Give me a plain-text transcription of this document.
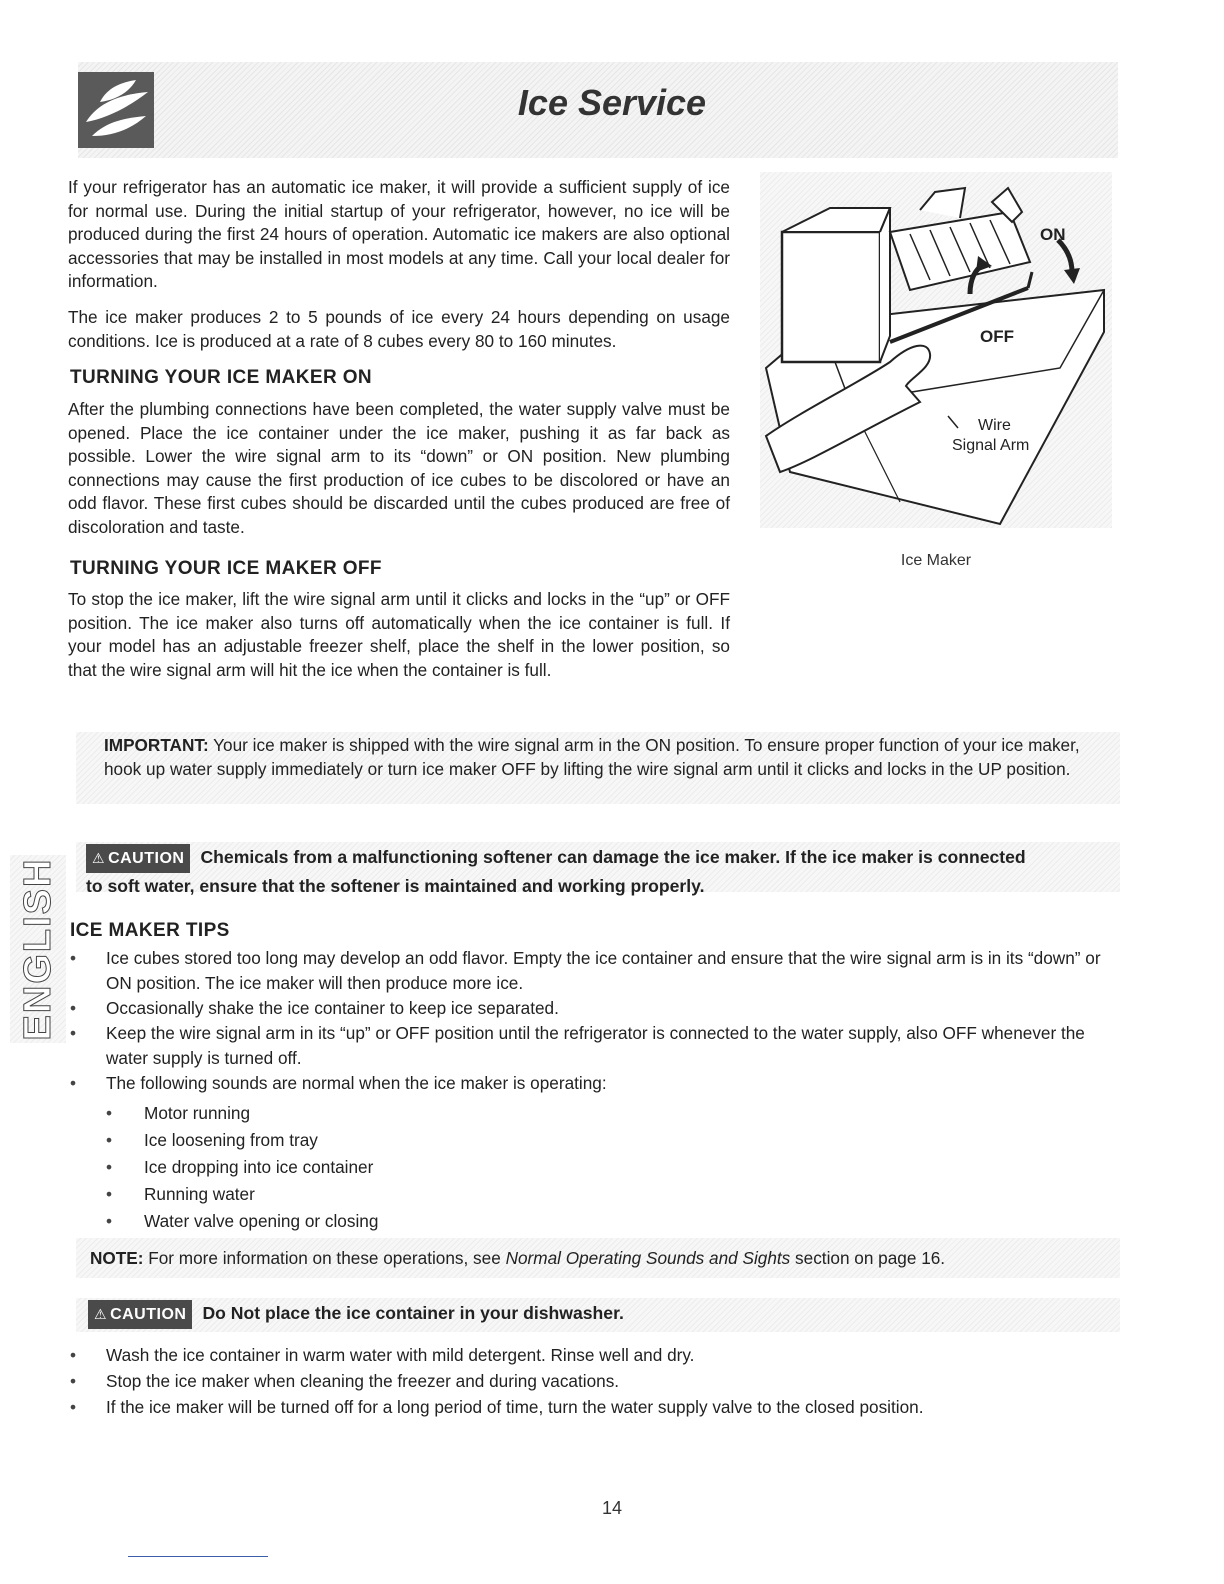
Ice Service

If your refrigerator has an automatic ice maker, it will provide a sufficient supply of ice for normal use. During the initial startup of your refrigerator, however, no ice will be produced during the first 24 hours of operation. Automatic ice makers are also optional accessories that may be installed in most models at any time. Call your local dealer for information.

The ice maker produces 2 to 5 pounds of ice every 24 hours depending on usage conditions. Ice is produced at a rate of 8 cubes every 80 to 160 minutes.

TURNING YOUR ICE MAKER ON

After the plumbing connections have been completed, the water supply valve must be opened. Place the ice container under the ice maker, pushing it as far back as possible. Lower the wire signal arm to its “down” or ON position. New plumbing connections may cause the first production of ice cubes to be discolored or have an odd flavor. These first cubes should be discarded until the cubes produced are free of discoloration and taste.

TURNING YOUR ICE MAKER OFF

To stop the ice maker, lift the wire signal arm until it clicks and locks in the “up” or OFF position. The ice maker also turns off automatically when the ice container is full. If your model has an adjustable freezer shelf, place the shelf in the lower position, so that the wire signal arm will hit the ice when the container is full.

ON
OFF
Wire
Signal Arm
Ice Maker

IMPORTANT: Your ice maker is shipped with the wire signal arm in the ON position. To ensure proper function of your ice maker, hook up water supply immediately or turn ice maker OFF by lifting the wire signal arm until it clicks and locks in the UP position.

⚠ CAUTION Chemicals from a malfunctioning softener can damage the ice maker. If the ice maker is connected
to soft water, ensure that the softener is maintained and working properly.

ENGLISH ICE MAKER TIPS
• Ice cubes stored too long may develop an odd flavor. Empty the ice container and ensure that the wire signal arm is in its “down” or ON position. The ice maker will then produce more ice.
• Occasionally shake the ice container to keep ice separated.
• Keep the wire signal arm in its “up” or OFF position until the refrigerator is connected to the water supply, also OFF whenever the water supply is turned off.
• The following sounds are normal when the ice maker is operating:
• Motor running
• Ice loosening from tray
• Ice dropping into ice container
• Running water
• Water valve opening or closing

NOTE: For more information on these operations, see Normal Operating Sounds and Sights section on page 16.

⚠ CAUTION Do Not place the ice container in your dishwasher.

• Wash the ice container in warm water with mild detergent. Rinse well and dry.
• Stop the ice maker when cleaning the freezer and during vacations.
• If the ice maker will be turned off for a long period of time, turn the water supply valve to the closed position.
14
